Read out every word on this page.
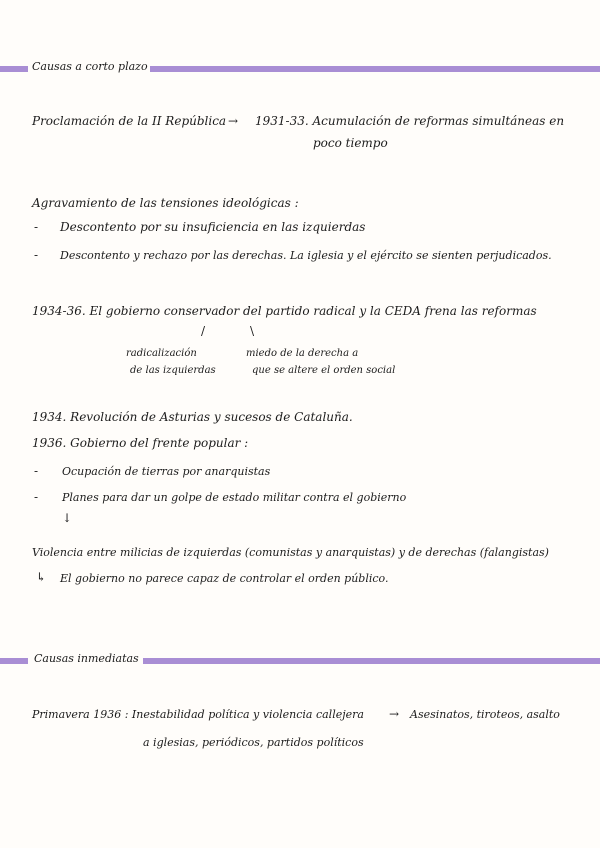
Causas a corto plazo
Proclamación de la II República → 1931-33. Acumulación de reformas simultáneas en
poco tiempo
Agravamiento de las tensiones ideológicas :
- Descontento por su insuficiencia en las izquierdas
- Descontento y rechazo por las derechas. La iglesia y el ejército se sienten perjudicados.
1934-36. El gobierno conservador del partido radical y la CEDA frena las reformas
/	\
radicalización
de las izquierdas
miedo de la derecha a
que se altere el orden social
1934. Revolución de Asturias y sucesos de Cataluña.
1936. Gobierno del frente popular :
- Ocupación de tierras por anarquistas
- Planes para dar un golpe de estado militar contra el gobierno
↓
Violencia entre milicias de izquierdas (comunistas y anarquistas) y de derechas (falangistas)
↳ El gobierno no parece capaz de controlar el orden público.
Causas inmediatas
Primavera 1936 : Inestabilidad política y violencia callejera → Asesinatos, tiroteos, asalto
a iglesias, periódicos, partidos políticos
